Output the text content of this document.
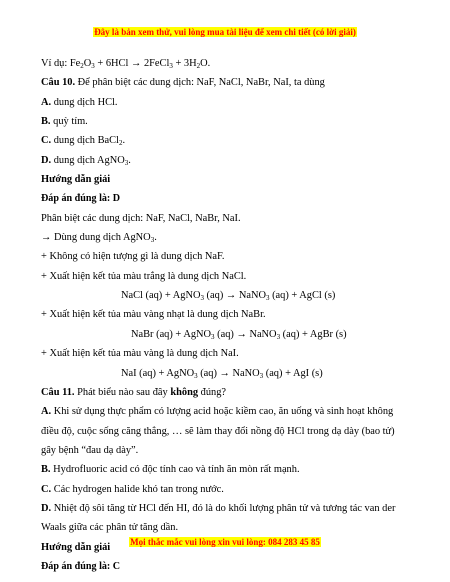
Đây là bản xem thử, vui lòng mua tài liệu để xem chi tiết (có lời giải)
Ví dụ: $Fe_2O_3 + 6HCl$ → 2FeCl$_3$ + $3H_2O$.
Câu 10. Để phân biệt các dung dịch: NaF, NaCl, NaBr, NaI, ta dùng
A. dung dịch HCl.
B. quỳ tím.
C. dung dịch BaCl$_2$.
D. dung dịch AgNO$_3$.
Hướng dẫn giải
Đáp án đúng là: D
Phân biệt các dung dịch: NaF, NaCl, NaBr, NaI.
→ Dùng dung dịch AgNO$_3$.
+ Không có hiện tượng gì là dung dịch NaF.
+ Xuất hiện kết tủa màu trắng là dung dịch NaCl.
NaCl (aq) + AgNO$_3$ (aq) → NaNO$_3$ (aq) + AgCl (s)
+ Xuất hiện kết tủa màu vàng nhạt là dung dịch NaBr.
NaBr (aq) + AgNO$_3$ (aq) → NaNO$_3$ (aq) + AgBr (s)
+ Xuất hiện kết tủa màu vàng là dung dịch NaI.
NaI (aq) + AgNO$_3$ (aq) → NaNO$_3$ (aq) + AgI (s)
Câu 11. Phát biểu nào sau đây không đúng?
A. Khi sử dụng thực phẩm có lượng acid hoặc kiềm cao, ăn uống và sinh hoạt không
điều độ, cuộc sống căng thẳng, … sẽ làm thay đổi nồng độ HCl trong dạ dày (bao tử)
gây bệnh “đau dạ dày”.
B. Hydrofluoric acid có độc tính cao và tính ăn mòn rất mạnh.
C. Các hydrogen halide khó tan trong nước.
D. Nhiệt độ sôi tăng từ HCl đến HI, đó là do khối lượng phân tử và tương tác van der
Waals giữa các phân tử tăng dần.
Hướng dẫn giải
Đáp án đúng là: C
Mọi thắc mắc vui lòng xin vui lòng: 084 283 45 85
